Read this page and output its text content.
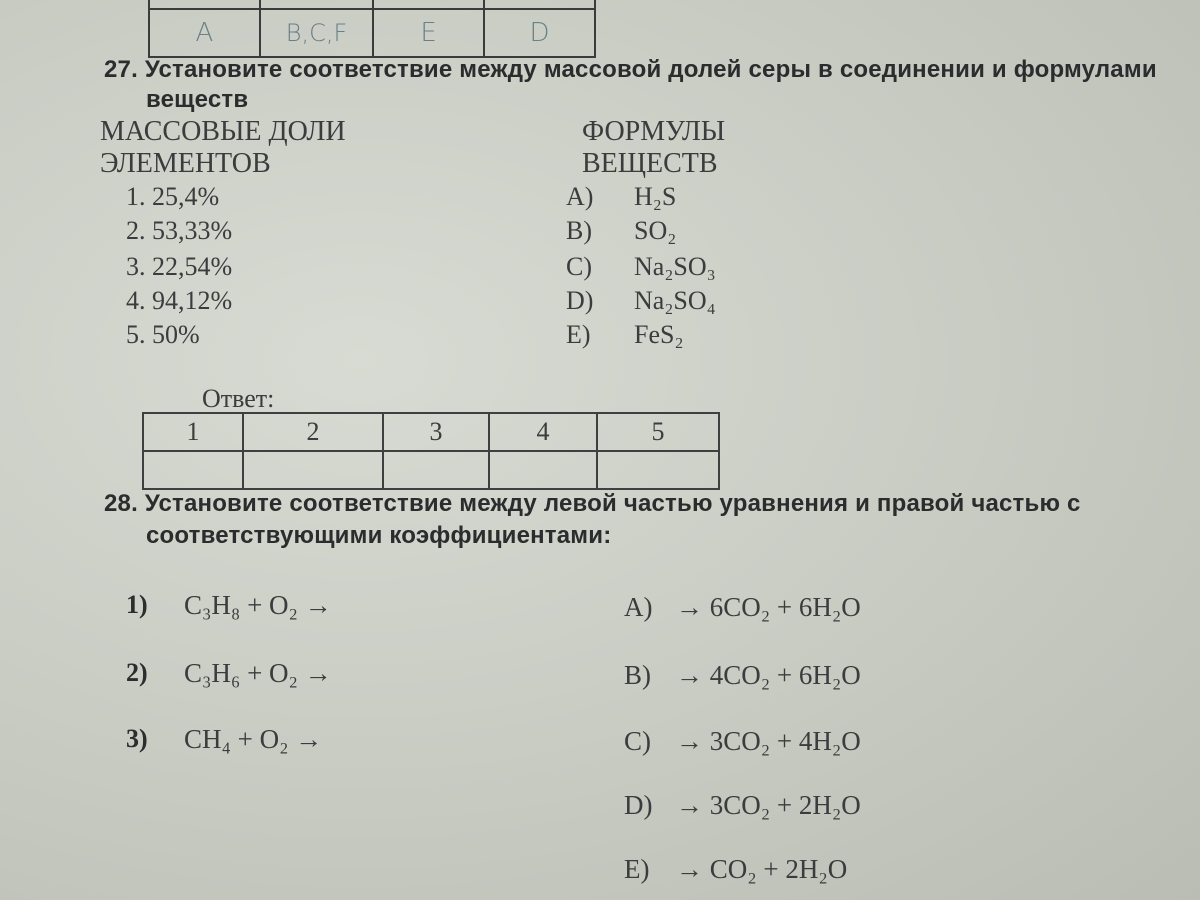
A	B,C,F	E	D
27. Установите соответствие между массовой долей серы в соединении и формулами
веществ
МАССОВЫЕ ДОЛИ
ЭЛЕМЕНТОВ
ФОРМУЛЫ
ВЕЩЕСТВ
1. 25,4%
2. 53,33%
3. 22,54%
4. 94,12%
5. 50%
A) H₂S
B) SO₂
C) Na₂SO₃
D) Na₂SO₄
E) FeS₂
Ответ:
1	2	3	4	5

28. Установите соответствие между левой частью уравнения и правой частью с
соответствующими коэффициентами:
1) C₃H₈ + O₂ →
2) C₃H₆ + O₂ →
3) CH₄ + O₂ →
A) → 6CO₂ + 6H₂O
B) → 4CO₂ + 6H₂O
C) → 3CO₂ + 4H₂O
D) → 3CO₂ + 2H₂O
E) → CO₂ + 2H₂O
